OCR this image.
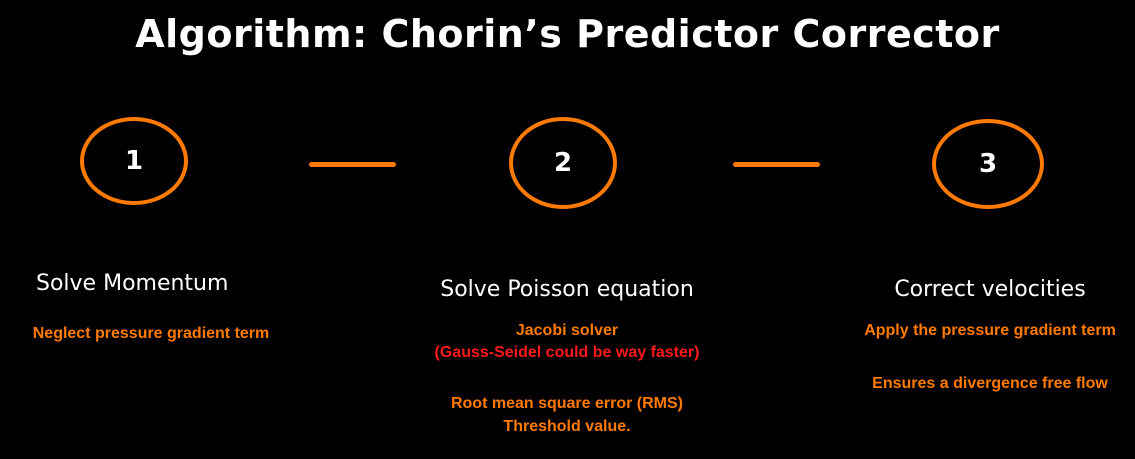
Algorithm: Chorin’s Predictor Corrector
1	2	3
Solve Momentum	Solve Poisson equation	Correct velocities
Neglect pressure gradient term	Jacobi solver
(Gauss-Seidel could be way faster)
Root mean square error (RMS)
Threshold value.
Apply the pressure gradient term
Ensures a divergence free flow
